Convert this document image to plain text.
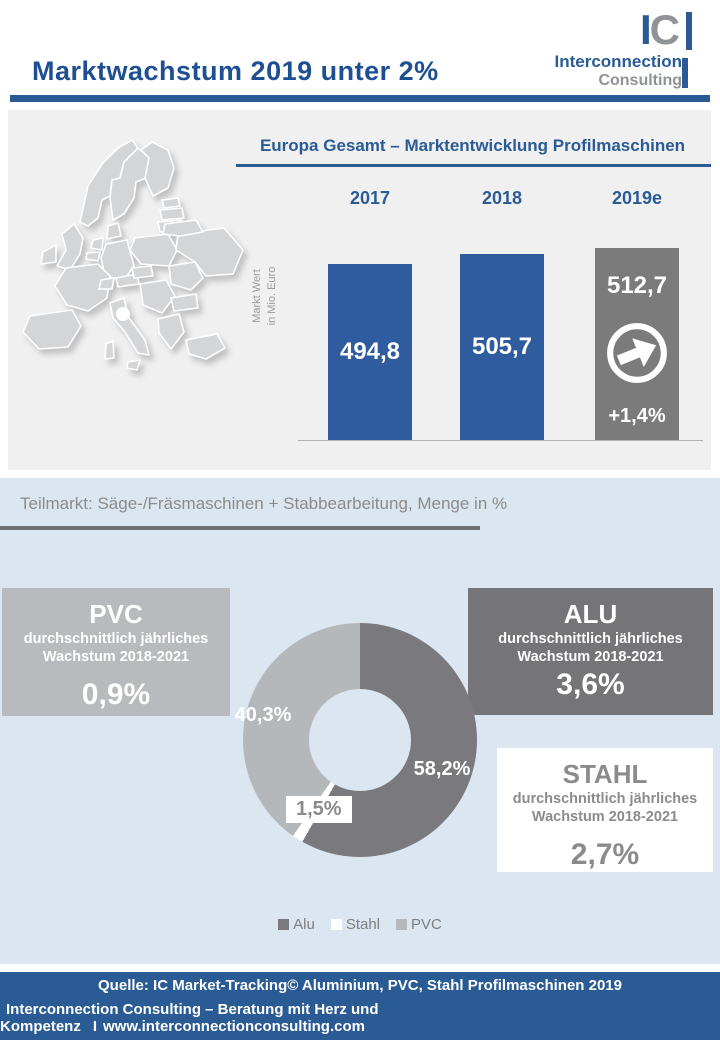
Marktwachstum 2019 unter 2%
IC
Interconnection
Consulting
Europa Gesamt – Marktentwicklung Profilmaschinen
2017	2018	2019e
Markt Wert in Mio. Euro
494,8	505,7
512,7
+1,4%
Teilmarkt: Säge-/Fräsmaschinen + Stabbearbeitung, Menge in %
PVC
durchschnittlich jährliches
Wachstum 2018-2021
0,9%
ALU
durchschnittlich jährliches
Wachstum 2018-2021
3,6%
STAHL
durchschnittlich jährliches
Wachstum 2018-2021
2,7%
40,3%
58,2%
1,5%
Alu Stahl PVC
Quelle: IC Market-Tracking© Aluminium, PVC, Stahl Profilmaschinen 2019
Interconnection Consulting – Beratung mit Herz und Kompetenz I www.interconnectionconsulting.com
